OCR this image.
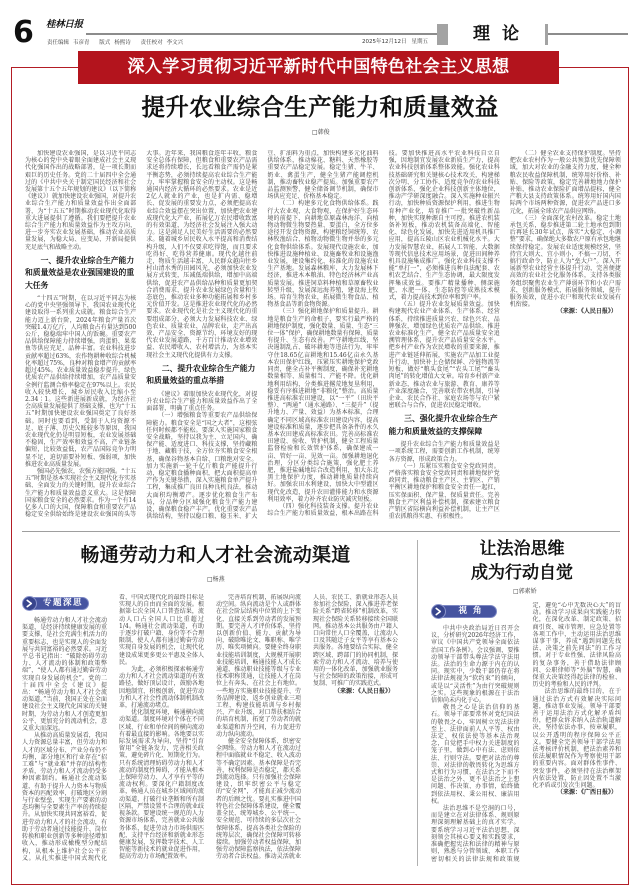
6 桂林日报
责任编辑 韦彦青 版式 杨熙诗 责任校对 李文兴	2025年12月12日 星期五	理论
深入学习贯彻习近平新时代中国特色社会主义思想
提升农业综合生产能力和质量效益
□韩俊

加快建设农业强国，是以习近平同志为核心的党中央着眼全面建成社会主义现代化强国作出的战略部署，是一项长期而艰巨的历史任务。党的二十届四中全会通过的《中共中央关于制定国民经济和社会发展第十五个五年规划的建议》（以下简称《建议》）就加快建设农业强国，对提升农业综合生产能力和质量效益作出全面部署，为“十五五”时期推动农业现代化取得重大进展提供了遵循。我们要把提升农业综合生产能力和质量效益作为主攻方向，进一步夯实农业发展基础，推动农业高质量发展，为稳大局、应变局、开新局提供充足底气和战略主动。

一、提升农业综合生产能力和质量效益是农业强国建设的重大任务

“十四五”时期，在以习近平同志为核心的党中央坚强领导下，我国农业现代化建设取得一系列重大成就。粮食综合生产能力迈上新台阶，2024年粮食产量首次突破1.4万亿斤，人均粮食占有量达到500公斤，稳稳端牢中国人的饭碗。重要农产品供给保障能力持续增强，肉蛋奶、果菜鱼等供应充足、品种丰富。农业科技进步贡献率超过63%，农作物耕种收综合机械化率超过75%，良种对粮食增产的贡献率超过45%。农业质量效益稳步提升，绿色优质农产品供给持续增加，农产品质量安全例行监测合格率稳定在97%以上。农民收入较快增长，城乡居民收入比缩小至2.34∶1。这些新进展新成就，为经济社会高质量发展提供了基础支撑，也为“十五五”时期加快建设农业强国奠定了良好基础。同时也要看到，受制于人均资源不足、底子薄、历史欠账较多等原因，我国农业现代化仍是明显短板，农业发展基础不稳固，生产效率和效益不高，产业链条偏短，比较效益低，农产品国际竞争力明显不足，迫切需要补短板、强弱项，加快推进农业高质量发展。

强国必先强农，农强方能国强。“十五五”时期是基本实现社会主义现代化夯实基础、全面发力的关键时期，提升农业综合生产能力和质量效益意义重大。这是保障国家粮食安全的必然要求。作为一个有14亿多人口的大国，保障粮食和重要农产品稳定安全供给始终是建设农业强国的头等大事。近年来，我国粮食连年丰收，粮食安全总体有保障，但粮食和重要农产品需求还将持续增长，长远看粮食产需仍是紧平衡态势，必须持续提高农业综合生产能力，牢牢掌握粮食安全的主动权。这是畅通国内经济大循环的必然要求。农业是近2亿人就业的产业，也是扩内需、稳增长、促发展的重要发力点，必须把提高农业综合效益摆在突出位置，加快把农业建成现代化大产业，拓展亿万农民增收致富的有效渠道，为经济社会发展注入强大动力。这是满足人民美好生活需要的必然要求。随着城乡居民收入水平提高和消费结构升级，人们不仅要求吃得饱，而且要求吃得好、吃得营养健康。现代化越往前走，物质生活越丰富，人民群众越向往乡村山清水秀的田园风光，必须加快农业发展方式转变，压减低端供给，增加中高端供给，促进农产品供给品种和质量更加契合消费需求，提升农业发展绿色含量和生态底色，推动农业多种功能拓展和乡村多元价值开发。这是推进农业现代化的必然要求。农业现代化是社会主义现代化的重要组成部分，必须大力发展科技农业、绿色农业、质量农业、品牌农业，走产出高效、产品安全、资源节约、环境友好的现代农业发展道路，千方百计推动农业增效益、农民增收入、农村增活力，为基本实现社会主义现代化提供有力支撑。

二、提升农业综合生产能力和质量效益的重点举措

《建议》着眼加快农业现代化，对提升农业综合生产能力和质量效益作出了全面部署，明确了重点任务。

（一）增强粮食等重要农产品供给保障能力。粮食安全是“国之大者”，这根弦任何时候都不能松。要深入实施国家粮食安全战略，坚持以我为主、立足国内、确保产能、适度进口、科技支撑，坚持藏粮于地、藏粮于技，全方位夯实粮食安全根基，确保谷物基本自给、口粮绝对安全。加力实施新一轮千亿斤粮食产能提升行动，稳定粮食播种面积，把大面积提高单产作为关键举措，深入实施粮食单产提升工程，集成推广良田良种良机良法，推动大面积均衡增产。逐步优化粮食生产布局，分品种分区域强化粮食生产能力建设，确保粮食稳产丰产。优化重要农产品供给结构，坚持以稳口粮、稳玉米、扩大豆、扩油料为重点，加快构建多元化油料供给体系，推动棉花、糖料、天然橡胶等重要农产品稳定发展。稳定生猪、牛羊、奶业、禽蛋生产，健全生猪产能调控机制，推动畜牧业稳产提质。加强重要农产品监测预警，健全储备调节机制，确保市场供应充足、价格基本稳定。

（二）构建多元化食物供给体系。践行大农业观、大食物观，在保护好生态环境的前提下，向耕地草原森林海洋、向植物动物微生物要热量、要蛋白，全方位多途径开发食物资源，构建粮经饲统筹、农林牧渔结合、植物动物微生物并举的多元化食物供给体系。发展现代设施农业，加快推进设施种植业、设施畜牧业和设施渔业发展，建设集约化、标准化的设施农业生产基地。发展森林粮库，大力发展林下经济，推进木本粮油、特色经济林产业高质量发展。推进饲草料种植和草原畜牧业转型升级，发展深远海养殖，建设海上牧场。培育生物农业，拓展微生物食品、植物基食品等新食物资源。

（三）强化耕地保护和质量提升。耕地是粮食生产的命根子，要实行最严格的耕地保护制度，强化数量、质量、生态“三位一体”保护，确保耕地数量有保障、质量有提升、生态有改善。严守耕地红线，坚决遏制乱占、破坏耕地等违法行为，牢牢守住18.65亿亩耕地和15.46亿亩永久基本农田保护红线，压紧压实耕地保护党政同责，健全占补平衡制度，确保补充耕地数量相等、质量相当、产能不降。优化耕地利用结构，分类推进撂荒地复垦利用，稳妥有序推进耕地“非粮化”整治。高质量推进高标准农田建设，以“一平”（田块平整）、“两通”（通水通路）、“三提升”（提升地力、产量、效益）为基本标准，合理确定不同区域高标准农田建设内容，提高建设标准和质量，逐步把具备条件的永久基本农田建成高标准农田。完善高标准农田建设、验收、管护机制，健全工程质量监督检验和长效管护体系，确保建成一亩、管好一亩、见效一亩。加强耕地退化治理，分区分类综合施策，强化肥土养肥，推进盐碱地综合改造利用，加大东北黑土地保护力度，推动耕地质量持续向好。加强农田水利建设，加快大中型灌区现代化改造，提升农田灌排能力和水资源利用效率，着力补齐农业防灾减灾短板。

（四）强化科技装备支撑。提升农业综合生产能力和质量效益，根本出路在科技。要加快推进高水平农业科技自立自强，因地制宜发展农业新质生产力，提高农业科技创新体系整体效能。强化农业科技基础研究和关键核心技术攻关，构建梯次分明、分工协作、适度竞争的农业科技创新体系，强化企业科技创新主体地位，推动产学研深度融合。深入实施种业振兴行动，加快种质资源保护利用，推进生物育种产业化，培育推广一批突破性新品种，加快实现种源自主可控。推进农机装备补短板，推动农机装备高端化、智能化、绿色化发展，加快先进适用机具推广应用，提高丘陵山区农业机械化水平。大力发展智慧农业，拓展人工智能、大数据等现代信息技术应用场景，促进田间种养机具设施集成推广。强化农业科技支撑不能“单打一”，必须推进良种良法配套、农机农艺结合、生产生态协调，最大限度发挥集成效益。要推广精量播种、侧深施肥、水肥一体、生态防控等成熟技术模式，着力提高技术到位率和到户率。

（五）提升农业发展质量效益。加快构建现代农业产业体系、生产体系、经营体系，持续推进质量兴农、绿色兴农、品牌强农，增加绿色优质农产品供给。推进农业标准化生产，健全农产品质量安全追溯管理体系，提升农产品质量安全水平。把乡村产业作为农民增收的重要来源，推进产业链延伸拓展，实施农产品加工业提升行动，加快补上仓储保鲜、冷链物流等短板，做好“粮头食尾”“农头工尾”“畜头肉尾”的转化增值大文章。培育乡村新产业新业态，推动农业与旅游、教育、康养等产业深度融合，完善联农带农机制，引导企业、农民合作社、家庭农场等与农户紧密联合与合作，促进农民稳定增收。

三、强化提升农业综合生产能力和质量效益的支撑保障

提升农业综合生产能力和质量效益是一项系统工程，需要创新工作机制，统筹各方资源，形成政策合力。

（一）压紧压实粮食安全党政同责。严格落实粮食安全党政同责和耕地保护党政同责，推动粮食主产区、主销区、产销平衡区耕地保护和粮食安全责任一起扛，压实保面积、保产量、保质量责任。完善粮食主产区利益补偿机制，探索建立粮食产销区省际横向利益补偿机制，让主产区重农抓粮得实惠、有积极性。

（二）健全农业支持保护制度。坚持把农业农村作为一般公共预算优先保障领域，加大对农业的金融支持力度，健全种粮农民收益保障机制，统筹用好价格、补贴、保险等政策，稳定完善耕地地力保护补贴，推动农业保险扩面增品提标，健全产粮大县支持政策体系。统筹用好国内国际两个市场两种资源，促进农产品进口多元化，拓展全球农产品供应网络。

（三）全面深化农村改革。稳定土地承包关系，稳步推进第二轮土地承包到期后再延长30年试点，落实“大稳定、小调整”要求，确保绝大多数农户原有承包地继续保持稳定。发展农业适度规模经营，坚持宜大则大、宜小则小，不搞一刀切，不搞行政命令，防止人为“垒大户”。深入开展新型农业经营主体提升行动，完善便捷高效的农业社会化服务体系，支持各类服务组织聚焦农业生产薄弱环节和小农户需求，创新服务模式，拓展服务领域，提升服务质效，促进小农户和现代农业发展有机衔接。

（来源：《人民日报》）

畅通劳动力和人才社会流动渠道
□杨燕
专题深思

畅通劳动力和人才社会流动渠道，是经济持续健康发展的重要支撑，是社会充满生机活力的重要标志，也是实现人的全面发展与共同富裕的必然要求。习近平总书记指出：“破除妨碍劳动力、人才流动的体制和政策弊端”，“使人人都有通过勤奋劳动实现自身发展的机会”。党的二十届四中全会《建议》提出：“畅通劳动力和人才社会流动渠道。”当前，我国正处在全面建设社会主义现代化国家的关键时期，为劳动力和人才创造更加公平、更加充分的流动机会，意义重大而深远。

从推动高质量发展看，我国人力资源总量丰富，但劳动力和人才的区域分布、产业分布仍不均衡，部分地区和行业存在“招工难”与“就业难”并存的结构性矛盾，劳动力和人才流动仍受多种因素制约。畅通社会流动渠道，有助于提升人力资本与物质资本的匹配效率，打破地区分割与行业壁垒，实现生产要素的动态均衡与全要素生产率的持续提升。从加快实现共同富裕看，促进劳动力和人才的社会流动，有助于劳动者通过技能提升、岗位转换和职业创新等多种途径增加收入，推动形成橄榄型分配结构，从根本上维护社会公平正义。从扎实推进中国式现代化看，中国式现代化的最终目标是实现人的自由而全面的发展。根据第七次全国人口普查结果，流动人口占全国人口比重超过1/4。畅通社会流动渠道，有助于逐步打破户籍、身份等不合理限制，使人人都有通过勤奋劳动实现自身发展的机会，让现代化建设成果更多更公平惠及全体人民。

为此，必须积极探索畅通劳动力和人才社会流动渠道的有效路径，做好顶层设计，鼓励各地因地制宜、积极创新，促进劳动力和人才社会性流动体制机制改革，打通流动堵点。

优化制度环境，畅通横向流动渠道。制度环境对个体在不同区域、行业和单位间的横向流动有着最直接的影响。各地要以实际发展需求为导向，坚持“引育留用”全链条发力，完善相关政策，避免碎片化、短期化行为。只有系统清理妨碍劳动力和人才流动的制度性障碍，才能从根本上保障劳动力、人才享有平等的流动权利。要深化户籍制度改革，畅通人员在城乡区域间的流动渠道，打破行业垄断和所有制区隔，严禁设置不合理的就业歧视条款。要建设统一规范的人力资源市场体系，完善就业公共服务体系，促进劳动力市场供需匹配，支持平台经济和新就业形态健康发展，发挥数字技术、人工智能等新技术的就业促进作用，提高劳动力市场配置效率。

完善培育机制，拓展纵向流动空间。纵向流动是个人或群体在社会阶层结构中位置的上下变化，直接关系到劳动者的发展预期。要完善人才评价体系，坚持以创新价值、能力、贡献为导向，破除唯论文、唯职称、唯学历、唯奖项倾向。要健全终身职业技能培训制度，大规模开展职业技能培训，畅通技能人才成长通道，推动职业技能等级与专业技术职称贯通，让技能人才在岗位上有奔头、在社会上有地位。一些地方实施职业技能提升、劳务品牌建设、返乡创业就业三项工程，构建技能培训与乡村振兴、产业升级、对口帮扶相结合的培育机制，拓宽了劳动者的就业渠道和晋升空间，有力促进劳动力纵向流动。

健全安全保障体系，织密安全网络。劳动力和人才在流动过程中面临就业不稳定、收入波动等不确定因素。基本保障是否完善，权利保障是否稳定，都关系到流动选择。只有加强社会保障建设，织牢织密公平与稳定的“安全网”，才能真正减少流动者的后顾之忧。要扎实推进中国特色社会保障体系建设，健全覆盖全民、统筹城乡、公平统一、安全规范、可持续的多层次社会保障体系，提高各类社会保险的统筹层次，确保社会保障可转移接续。加强劳动者权益保障，加强劳动保障监察执法，依法保障劳动者合法权益。推动灵活就业人员、农民工、新就业形态人员参加社会保险，深入推进养老保险关系“跨省转移”机制改革，实现社会保险关系转移接续全国联网。推动基本公共服务由户籍人口向常住人口全覆盖，让流动人口及其随迁子女平等享有基本公共服务。各地要结合实际，健全跨区域、跨部门的协同机制，探索劳动力和人才流动、培养与使用的一体化改革，加强就业服务与社会保障的政策衔接，形成可复制、可推广的实践范式。

（来源：《人民日报》）

让法治思维
成为行动自觉
□郭素娇
视角

中共中央政治局近日召开会议，分析研究2026年经济工作，审议《中国共产党领导全面依法治国工作条例》。会议强调，要推动领导干部带头尊法学法守法用法。法治的生命力源于内在的认同。现实中，少数干部仍存在将法律法规视为“软约束”的倾向，或是以“灵活性”为由行突破规则之实。这些现象的根源在于法治信仰尚未内化于心。

敬畏之心是法治信仰的基石。领导干部要常怀对党纪国法的敬畏之心，牢固树立宪法法律至上、法律面前人人平等、权由法定、权依法使等基本法治观念，自觉把手中权力关进制度的笼子里，做到心中有法、虑则依法、行则守法。要把对法治的尊崇、对法律的敬畏转化为思维方式和行为习惯，在法治之下而不是法治之外、更不是法治之上想问题、作决策、办事情，始终做到依法用权、秉公用权、廉洁用权。

法治思维不是空洞的口号，而是建立在对法律体系、规则原理深刻理解基础上的真才实学。要系统学习习近平法治思想，深刻领会其核心要义和实践要求，准确把握宪法和法律的精神与原则，熟悉与分管领域、本职工作密切相关的法律法规和政策规定，避免“心中无数决心大”的盲动。推动学习成果向实践能力转化，在深化改革、制定政策、招商引资、城市管理、应急处置等各项工作中，主动运用法治思维谋事干事，养成“遇到问题先找法、决策之前先问法”的工作习惯。对于专业性强、法律风险高的复杂事务，善于借助法律顾问、公职律师等“外脑”智慧，确保重大决策经得起法律的检验、历史的考验和人民的评判。

法治思维的最终目的，在于通过法治方式有效解决实际问题，推动事业发展。领导干部要善于运用法治方式化解矛盾纠纷，把群众诉求纳入法治轨道解决，坚持依法办事、按章履职，以公开透明的程序保障公平正义。要健全完善领导干部学法用法考核评价机制，把法治素养和依法履职情况作为考察使用干部的重要内容。面对群体性事件、突发事件，必须坚持在法治框架内依法处置，防止因处置不当激化矛盾或引发次生问题。

（来源：《广西日报》）
